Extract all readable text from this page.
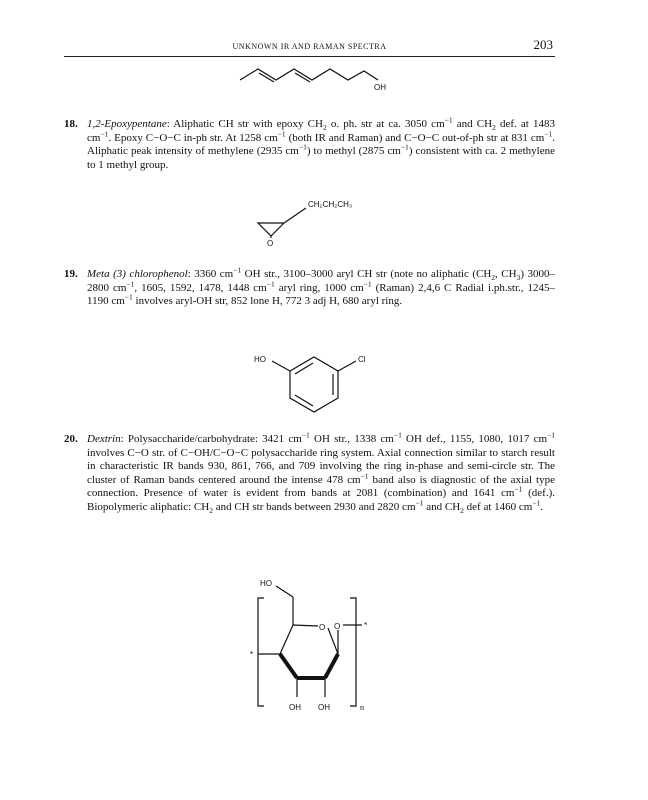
UNKNOWN IR AND RAMAN SPECTRA	203
OH
18. 1,2-Epoxypentane: Aliphatic CH str with epoxy $CH_2$ o. ph. str at ca. 3050 $cm^{-1}$ and $CH_2$ def. at 1483 $cm^{-1}$. Epoxy C−O−C in-ph str. At 1258 $cm^{-1}$ (both IR and Raman) and C−O−C out-of-ph str at 831 $cm^{-1}$. Aliphatic peak intensity of methylene (2935 $cm^{-1}$) to methyl (2875 $cm^{-1}$) consistent with ca. 2 methylene to 1 methyl group.
CH₂CH₂CH₃
O
19. Meta (3) chlorophenol: 3360 $cm^{-1}$ OH str., 3100–3000 aryl CH str (note no aliphatic ($CH_2$, $CH_3$) 3000–2800 $cm^{-1}$, 1605, 1592, 1478, 1448 $cm^{-1}$ aryl ring, 1000 $cm^{-1}$ (Raman) 2,4,6 C Radial i.ph.str., 1245–1190 $cm^{-1}$ involves aryl-OH str, 852 lone H, 772 3 adj H, 680 aryl ring.
HO	Cl
20. Dextrin: Polysaccharide/carbohydrate: 3421 $cm^{-1}$ OH str., 1338 $cm^{-1}$ OH def., 1155, 1080, 1017 $cm^{-1}$ involves C−O str. of C−OH/C−O−C polysaccharide ring system. Axial connection similar to starch result in characteristic IR bands 930, 861, 766, and 709 involving the ring in-phase and semi-circle str. The cluster of Raman bands centered around the intense 478 $cm^{-1}$ band also is diagnostic of the axial type connection. Presence of water is evident from bands at 2081 (combination) and 1641 $cm^{-1}$ (def.). Biopolymeric aliphatic: $CH_2$ and CH str bands between 2930 and 2820 $cm^{-1}$ and $CH_2$ def at 1460 $cm^{-1}$.
HO
O O	*
*
OH OH	n
